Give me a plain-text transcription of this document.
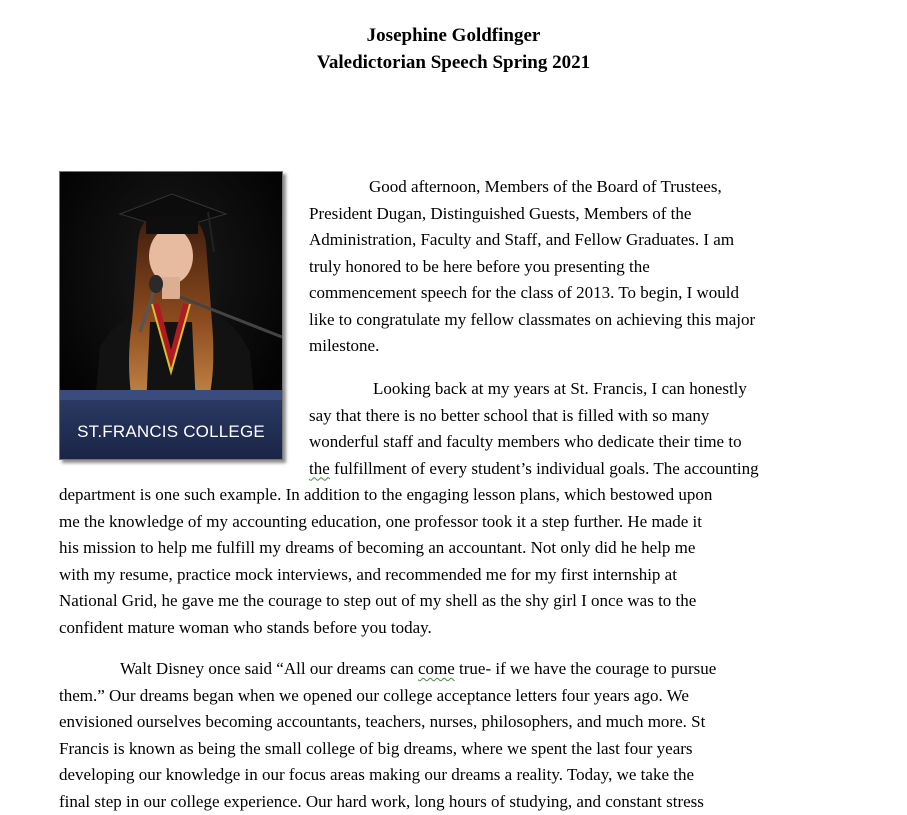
Josephine Goldfinger
Valedictorian Speech Spring 2021
ST.FRANCIS COLLEGE
Good afternoon, Members of the Board of Trustees,
President Dugan, Distinguished Guests, Members of the
Administration, Faculty and Staff, and Fellow Graduates. I am
truly honored to be here before you presenting the
commencement speech for the class of 2013. To begin, I would
like to congratulate my fellow classmates on achieving this major
milestone.
Looking back at my years at St. Francis, I can honestly
say that there is no better school that is filled with so many
wonderful staff and faculty members who dedicate their time to
the fulfillment of every student’s individual goals. The accounting
department is one such example. In addition to the engaging lesson plans, which bestowed upon
me the knowledge of my accounting education, one professor took it a step further. He made it
his mission to help me fulfill my dreams of becoming an accountant. Not only did he help me
with my resume, practice mock interviews, and recommended me for my first internship at
National Grid, he gave me the courage to step out of my shell as the shy girl I once was to the
confident mature woman who stands before you today.
Walt Disney once said “All our dreams can come true- if we have the courage to pursue
them.” Our dreams began when we opened our college acceptance letters four years ago. We
envisioned ourselves becoming accountants, teachers, nurses, philosophers, and much more. St
Francis is known as being the small college of big dreams, where we spent the last four years
developing our knowledge in our focus areas making our dreams a reality. Today, we take the
final step in our college experience. Our hard work, long hours of studying, and constant stress
